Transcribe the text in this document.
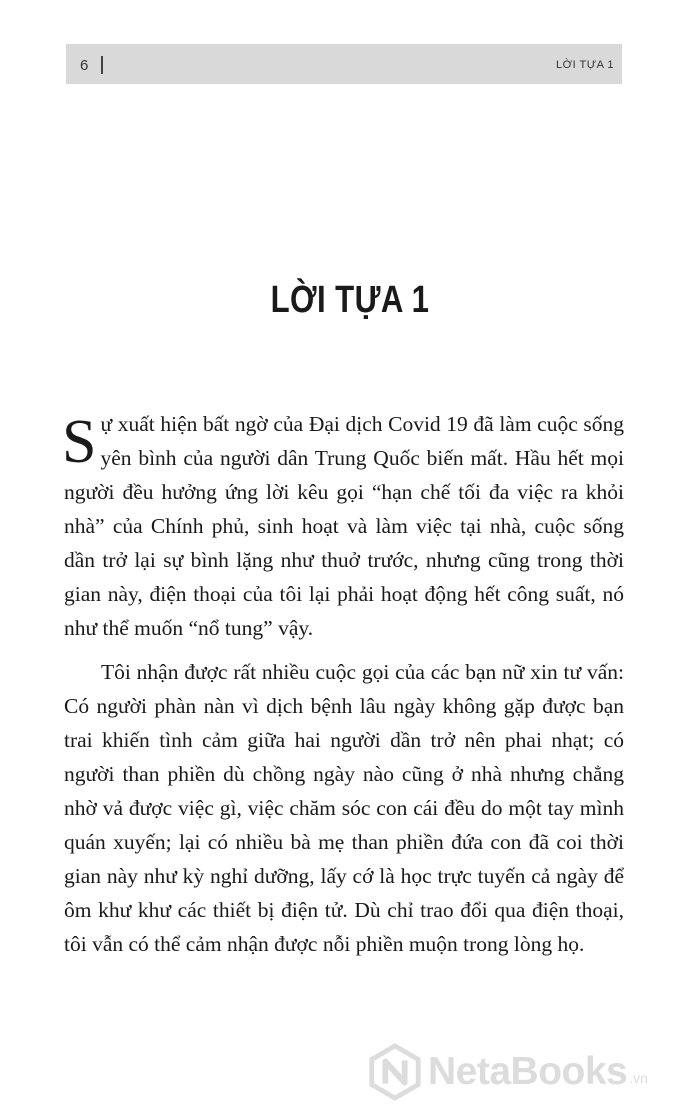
6	LỜI TỰA 1
LỜI TỰA 1

Sự xuất hiện bất ngờ của Đại dịch Covid 19 đã làm cuộc sống yên bình của người dân Trung Quốc biến mất. Hầu hết mọi người đều hưởng ứng lời kêu gọi “hạn chế tối đa việc ra khỏi nhà” của Chính phủ, sinh hoạt và làm việc tại nhà, cuộc sống dần trở lại sự bình lặng như thuở trước, nhưng cũng trong thời gian này, điện thoại của tôi lại phải hoạt động hết công suất, nó như thể muốn “nổ tung” vậy.

Tôi nhận được rất nhiều cuộc gọi của các bạn nữ xin tư vấn: Có người phàn nàn vì dịch bệnh lâu ngày không gặp được bạn trai khiến tình cảm giữa hai người dần trở nên phai nhạt; có người than phiền dù chồng ngày nào cũng ở nhà nhưng chẳng nhờ vả được việc gì, việc chăm sóc con cái đều do một tay mình quán xuyến; lại có nhiều bà mẹ than phiền đứa con đã coi thời gian này như kỳ nghỉ dưỡng, lấy cớ là học trực tuyến cả ngày để ôm khư khư các thiết bị điện tử. Dù chỉ trao đổi qua điện thoại, tôi vẫn có thể cảm nhận được nỗi phiền muộn trong lòng họ.

NetaBooks .vn
